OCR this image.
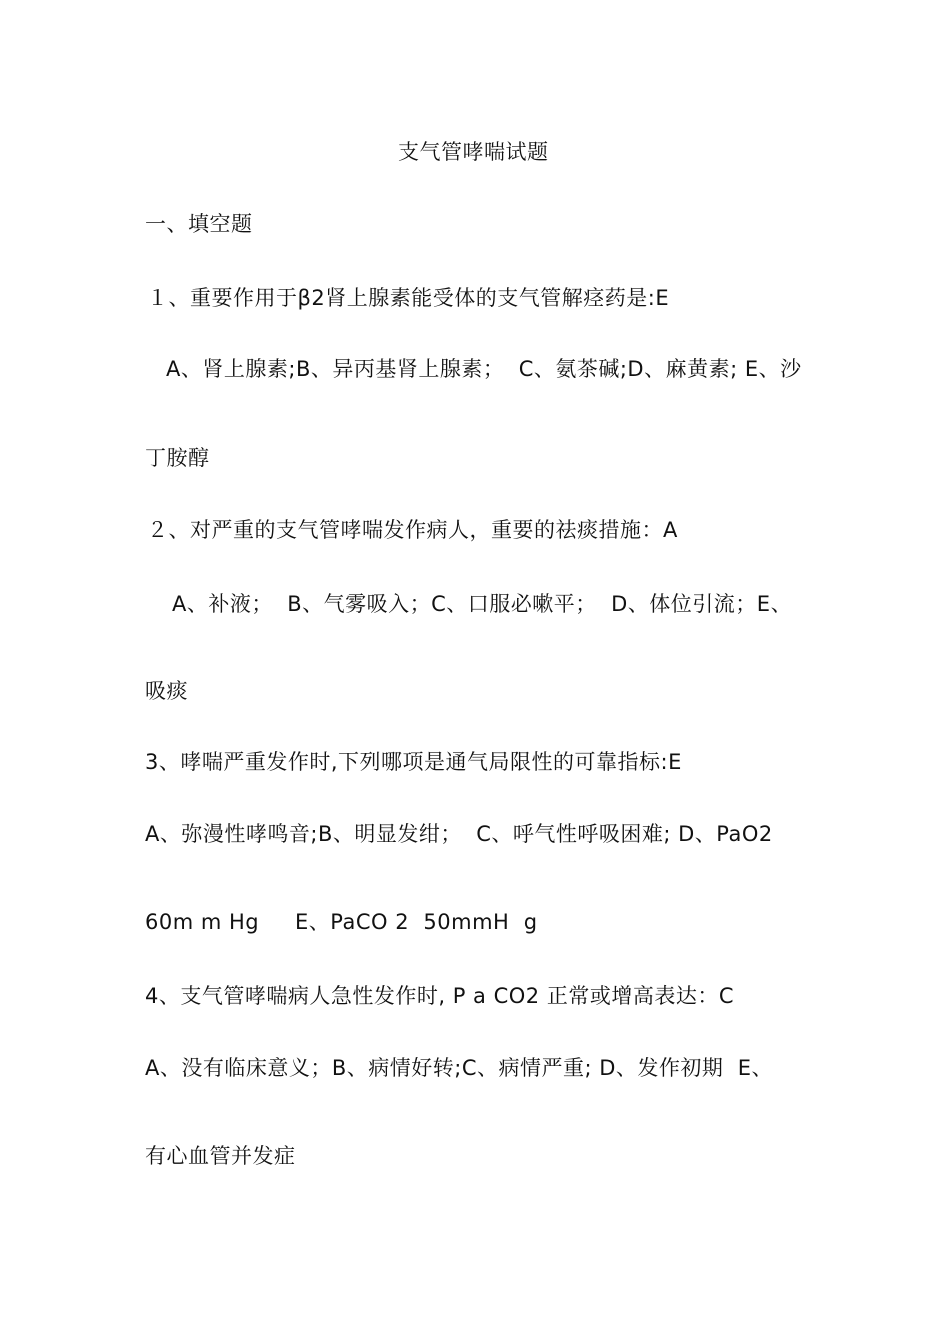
支气管哮喘试题
一、填空题
１、重要作用于β2肾上腺素能受体的支气管解痉药是:E
A、肾上腺素;B、异丙基肾上腺素；  C、氨茶碱;D、麻黄素; E、沙
丁胺醇
２、对严重的支气管哮喘发作病人，重要的祛痰措施：A
A、补液；  B、气雾吸入；C、口服必嗽平；  D、体位引流；E、
吸痰
3、哮喘严重发作时,下列哪项是通气局限性的可靠指标:E
A、弥漫性哮鸣音;B、明显发绀；  C、呼气性呼吸困难; D、PaO2
60m m Hg     E、PaCO 2  50mmH  g
4、支气管哮喘病人急性发作时, P a CO2 正常或增高表达：C
A、没有临床意义；B、病情好转;C、病情严重; D、发作初期  E、
有心血管并发症
